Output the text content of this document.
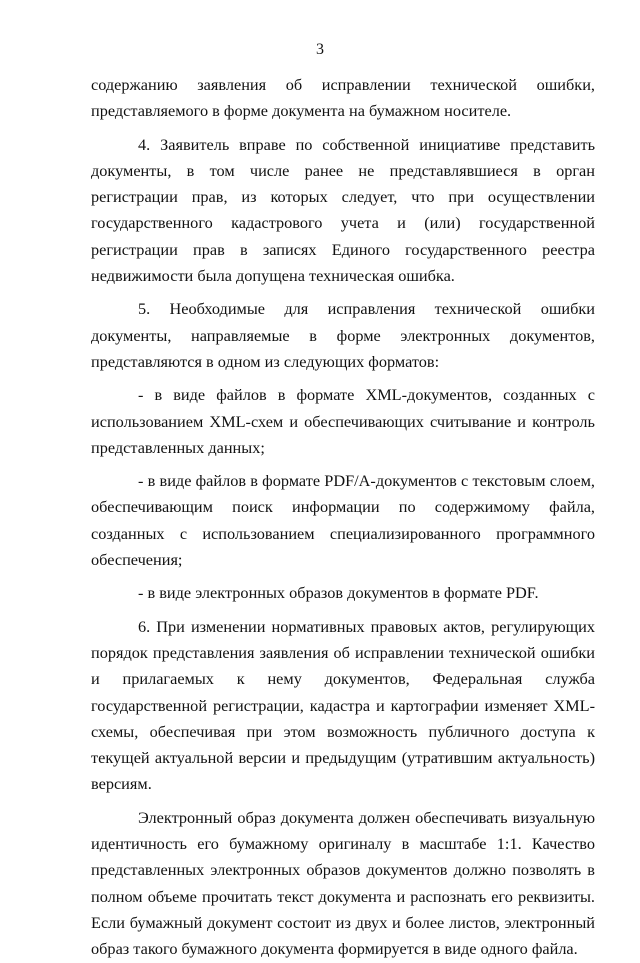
3

содержанию заявления об исправлении технической ошибки, представляемого в форме документа на бумажном носителе.

4. Заявитель вправе по собственной инициативе представить документы, в том числе ранее не представлявшиеся в орган регистрации прав, из которых следует, что при осуществлении государственного кадастрового учета и (или) государственной регистрации прав в записях Единого государственного реестра недвижимости была допущена техническая ошибка.

5. Необходимые для исправления технической ошибки документы, направляемые в форме электронных документов, представляются в одном из следующих форматов:

- в виде файлов в формате XML-документов, созданных с использованием XML-схем и обеспечивающих считывание и контроль представленных данных;

- в виде файлов в формате PDF/A-документов с текстовым слоем, обеспечивающим поиск информации по содержимому файла, созданных с использованием специализированного программного обеспечения;

- в виде электронных образов документов в формате PDF.

6. При изменении нормативных правовых актов, регулирующих порядок представления заявления об исправлении технической ошибки и прилагаемых к нему документов, Федеральная служба государственной регистрации, кадастра и картографии изменяет XML-схемы, обеспечивая при этом возможность публичного доступа к текущей актуальной версии и предыдущим (утратившим актуальность) версиям.

Электронный образ документа должен обеспечивать визуальную идентичность его бумажному оригиналу в масштабе 1:1. Качество представленных электронных образов документов должно позволять в полном объеме прочитать текст документа и распознать его реквизиты. Если бумажный документ состоит из двух и более листов, электронный образ такого бумажного документа формируется в виде одного файла.
